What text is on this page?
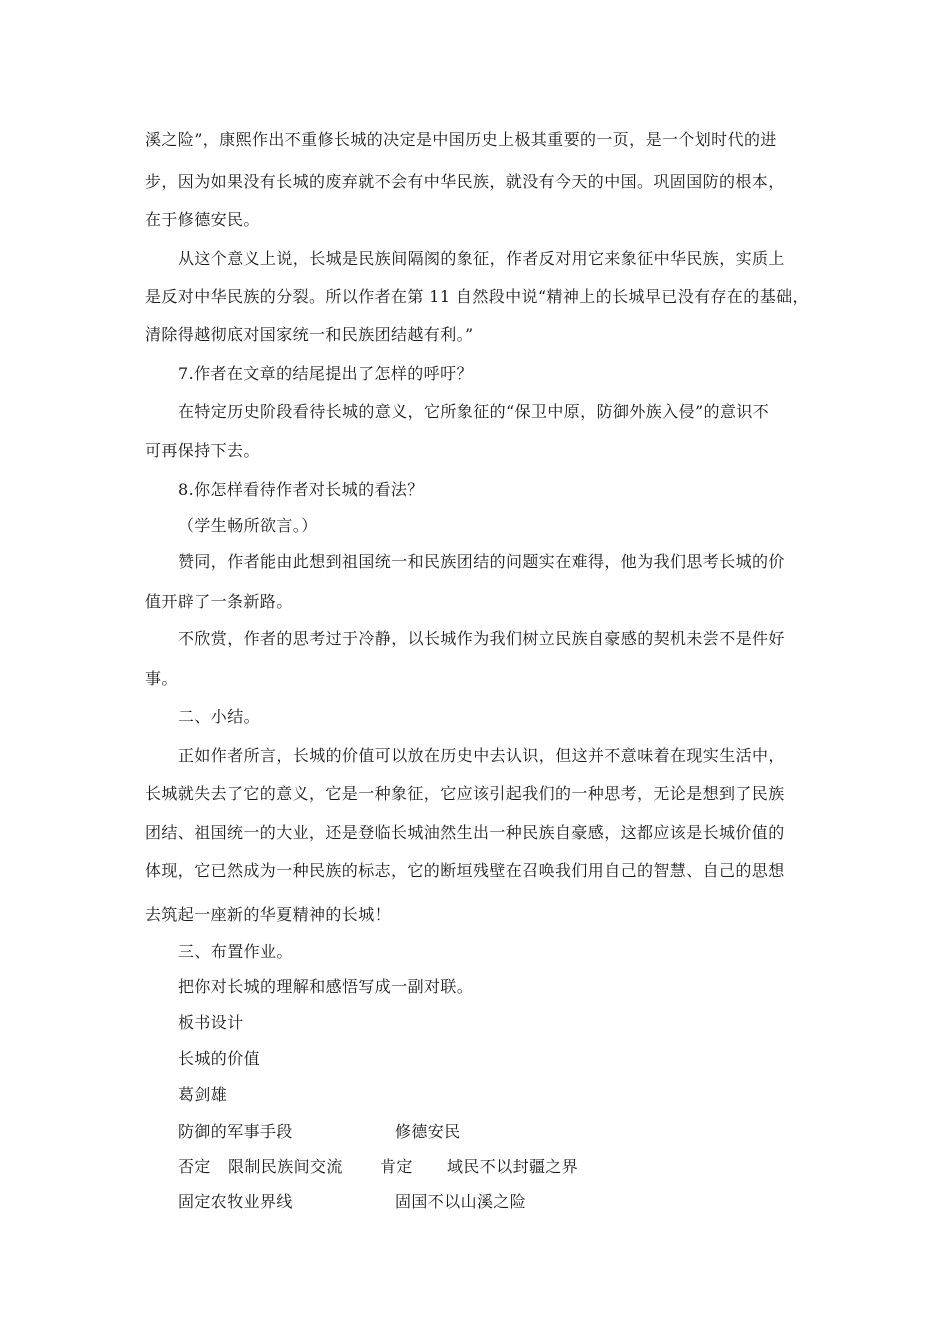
溪之险”，康熙作出不重修长城的决定是中国历史上极其重要的一页，是一个划时代的进
步，因为如果没有长城的废弃就不会有中华民族，就没有今天的中国。巩固国防的根本，
在于修德安民。
从这个意义上说，长城是民族间隔阂的象征，作者反对用它来象征中华民族，实质上
是反对中华民族的分裂。所以作者在第 11 自然段中说“精神上的长城早已没有存在的基础，
清除得越彻底对国家统一和民族团结越有利。”
7.作者在文章的结尾提出了怎样的呼吁？
在特定历史阶段看待长城的意义，它所象征的“保卫中原，防御外族入侵”的意识不
可再保持下去。
8.你怎样看待作者对长城的看法？
（学生畅所欲言。）
赞同，作者能由此想到祖国统一和民族团结的问题实在难得，他为我们思考长城的价
值开辟了一条新路。
不欣赏，作者的思考过于冷静，以长城作为我们树立民族自豪感的契机未尝不是件好
事。
二、小结。
正如作者所言，长城的价值可以放在历史中去认识，但这并不意味着在现实生活中，
长城就失去了它的意义，它是一种象征，它应该引起我们的一种思考，无论是想到了民族
团结、祖国统一的大业，还是登临长城油然生出一种民族自豪感，这都应该是长城价值的
体现，它已然成为一种民族的标志，它的断垣残壁在召唤我们用自己的智慧、自己的思想
去筑起一座新的华夏精神的长城！
三、布置作业。
把你对长城的理解和感悟写成一副对联。
板书设计
长城的价值
葛剑雄
防御的军事手段	修德安民
否定 限制民族间交流 肯定 域民不以封疆之界
固定农牧业界线	固国不以山溪之险
